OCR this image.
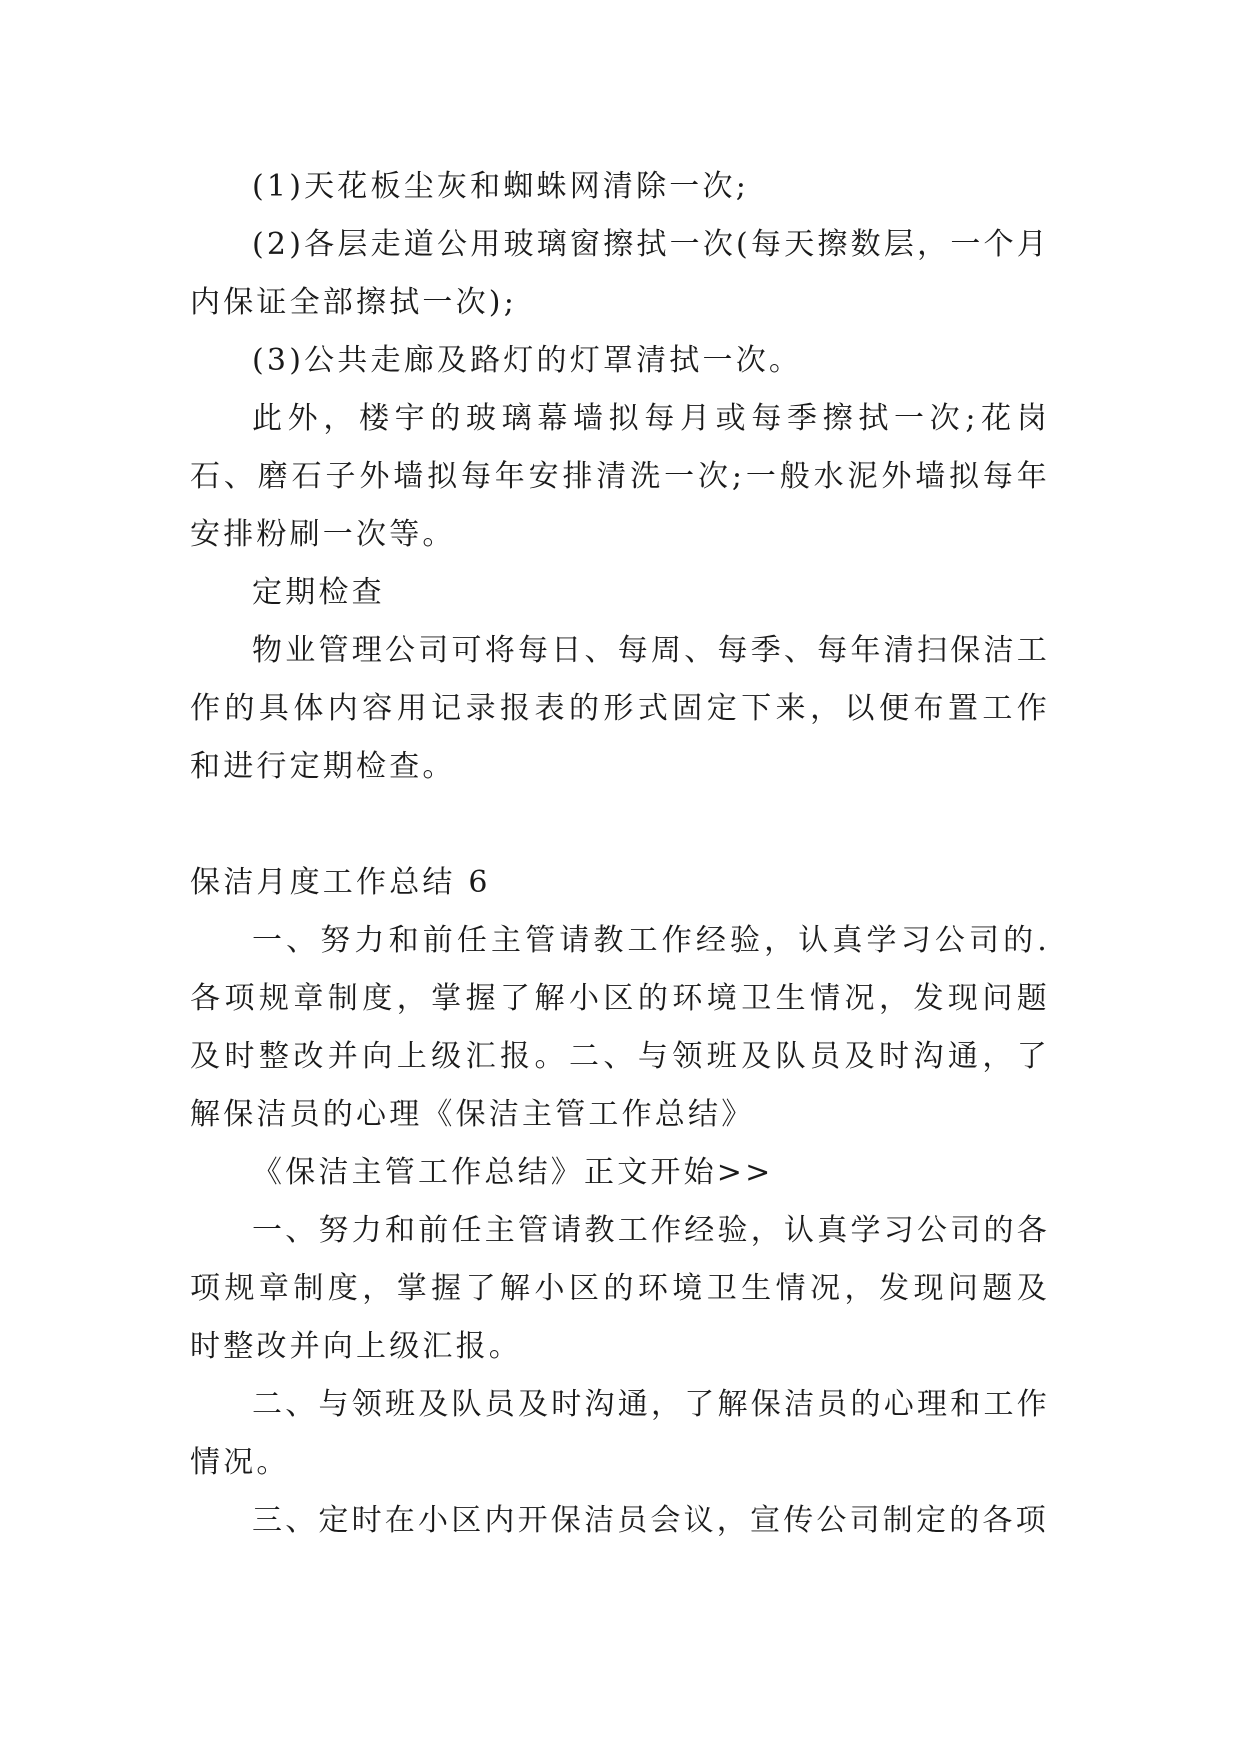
(1)天花板尘灰和蜘蛛网清除一次;

(2)各层走道公用玻璃窗擦拭一次(每天擦数层，一个月内保证全部擦拭一次);

(3)公共走廊及路灯的灯罩清拭一次。

此外，楼宇的玻璃幕墙拟每月或每季擦拭一次;花岗石、磨石子外墙拟每年安排清洗一次;一般水泥外墙拟每年安排粉刷一次等。

定期检查

物业管理公司可将每日、每周、每季、每年清扫保洁工作的具体内容用记录报表的形式固定下来，以便布置工作和进行定期检查。

保洁月度工作总结 6

一、努力和前任主管请教工作经验，认真学习公司的.各项规章制度，掌握了解小区的环境卫生情况，发现问题及时整改并向上级汇报。二、与领班及队员及时沟通，了解保洁员的心理《保洁主管工作总结》

《保洁主管工作总结》正文开始>>

一、努力和前任主管请教工作经验，认真学习公司的各项规章制度，掌握了解小区的环境卫生情况，发现问题及时整改并向上级汇报。

二、与领班及队员及时沟通，了解保洁员的心理和工作情况。

三、定时在小区内开保洁员会议，宣传公司制定的各项
